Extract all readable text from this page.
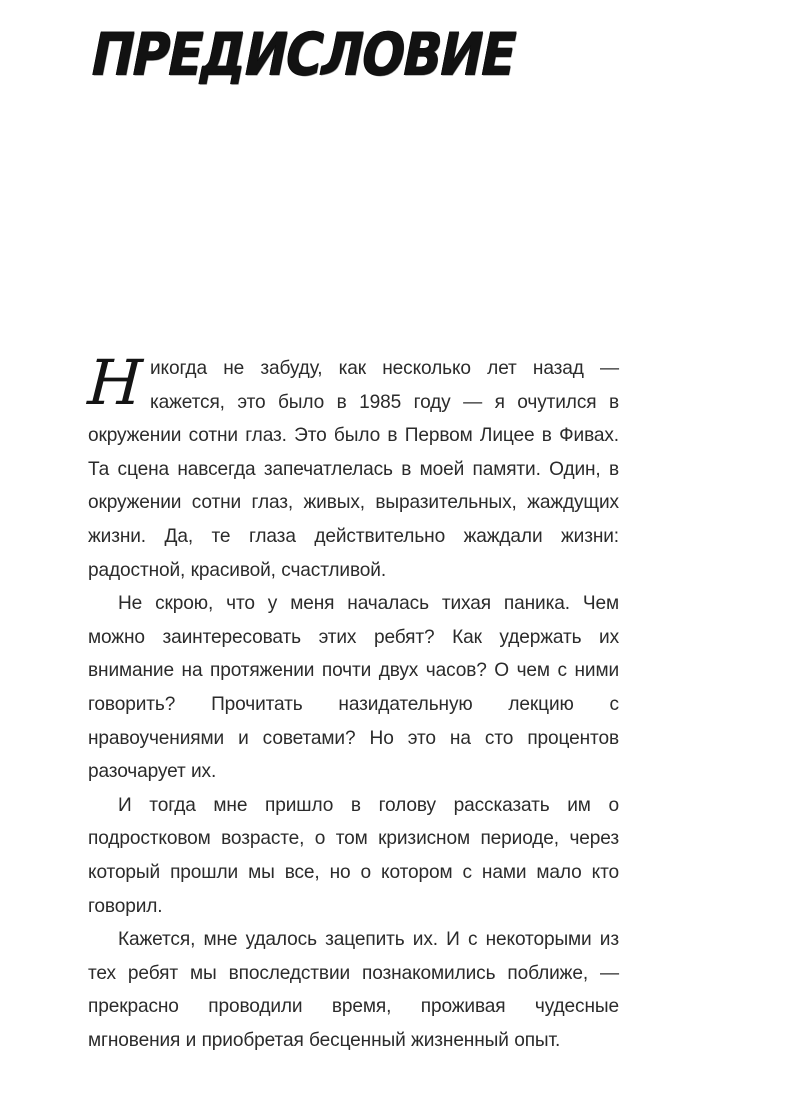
ПРЕДИСЛОВИЕ

Никогда не забуду, как несколько лет назад — кажется, это было в 1985 году — я очутился в окружении сотни глаз. Это было в Первом Лицее в Фивах. Та сцена навсегда запечатлелась в моей памяти. Один, в окружении сотни глаз, живых, выразительных, жаждущих жизни. Да, те глаза действительно жаждали жизни: радостной, красивой, счастливой.

Не скрою, что у меня началась тихая паника. Чем можно заинтересовать этих ребят? Как удержать их внимание на протяжении почти двух часов? О чем с ними говорить? Прочитать назидательную лекцию с нравоучениями и советами? Но это на сто процентов разочарует их.

И тогда мне пришло в голову рассказать им о подростковом возрасте, о том кризисном периоде, через который прошли мы все, но о котором с нами мало кто говорил.

Кажется, мне удалось зацепить их. И с некоторыми из тех ребят мы впоследствии познакомились поближе, — прекрасно проводили время, проживая чудесные мгновения и приобретая бесценный жизненный опыт.
